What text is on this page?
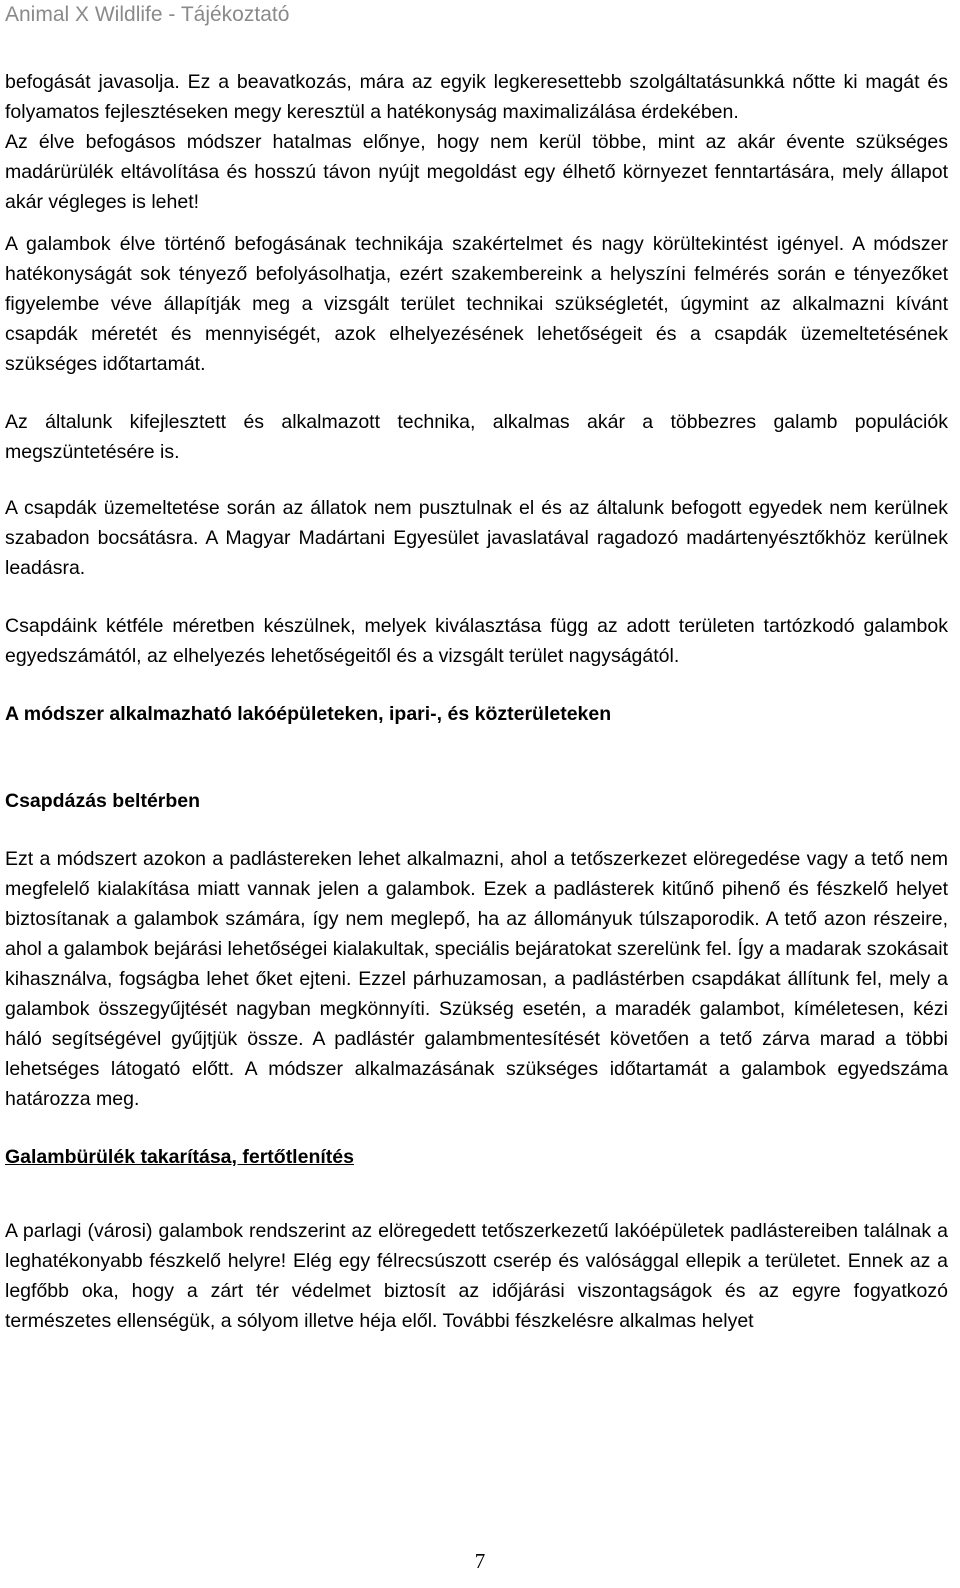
Animal X Wildlife - Tájékoztató

befogását javasolja. Ez a beavatkozás, mára az egyik legkeresettebb szolgáltatásunkká nőtte ki magát és folyamatos fejlesztéseken megy keresztül a hatékonyság maximalizálása érdekében.

Az élve befogásos módszer hatalmas előnye, hogy nem kerül többe, mint az akár évente szükséges madárürülék eltávolítása és hosszú távon nyújt megoldást egy élhető környezet fenntartására, mely állapot akár végleges is lehet!

A galambok élve történő befogásának technikája szakértelmet és nagy körültekintést igényel. A módszer hatékonyságát sok tényező befolyásolhatja, ezért szakembereink a helyszíni felmérés során e tényezőket figyelembe véve állapítják meg a vizsgált terület technikai szükségletét, úgymint az alkalmazni kívánt csapdák méretét és mennyiségét, azok elhelyezésének lehetőségeit és a csapdák üzemeltetésének szükséges időtartamát.

Az általunk kifejlesztett és alkalmazott technika, alkalmas akár a többezres galamb populációk megszüntetésére is.

A csapdák üzemeltetése során az állatok nem pusztulnak el és az általunk befogott egyedek nem kerülnek szabadon bocsátásra. A Magyar Madártani Egyesület javaslatával ragadozó madártenyésztőkhöz kerülnek leadásra.

Csapdáink kétféle méretben készülnek, melyek kiválasztása függ az adott területen tartózkodó galambok egyedszámától, az elhelyezés lehetőségeitől és a vizsgált terület nagyságától.

A módszer alkalmazható lakóépületeken, ipari-, és közterületeken

Csapdázás beltérben

Ezt a módszert azokon a padlástereken lehet alkalmazni, ahol a tetőszerkezet elöregedése vagy a tető nem megfelelő kialakítása miatt vannak jelen a galambok. Ezek a padlásterek kitűnő pihenő és fészkelő helyet biztosítanak a galambok számára, így nem meglepő, ha az állományuk túlszaporodik. A tető azon részeire, ahol a galambok bejárási lehetőségei kialakultak, speciális bejáratokat szerelünk fel. Így a madarak szokásait kihasználva, fogságba lehet őket ejteni. Ezzel párhuzamosan, a padlástérben csapdákat állítunk fel, mely a galambok összegyűjtését nagyban megkönnyíti. Szükség esetén, a maradék galambot, kíméletesen, kézi háló segítségével gyűjtjük össze. A padlástér galambmentesítését követően a tető zárva marad a többi lehetséges látogató előtt. A módszer alkalmazásának szükséges időtartamát a galambok egyedszáma határozza meg.

Galambürülék takarítása, fertőtlenítés

A parlagi (városi) galambok rendszerint az elöregedett tetőszerkezetű lakóépületek padlástereiben találnak a leghatékonyabb fészkelő helyre! Elég egy félrecsúszott cserép és valósággal ellepik a területet. Ennek az a legfőbb oka, hogy a zárt tér védelmet biztosít az időjárási viszontagságok és az egyre fogyatkozó természetes ellenségük, a sólyom illetve héja elől. További fészkelésre alkalmas helyet

7
